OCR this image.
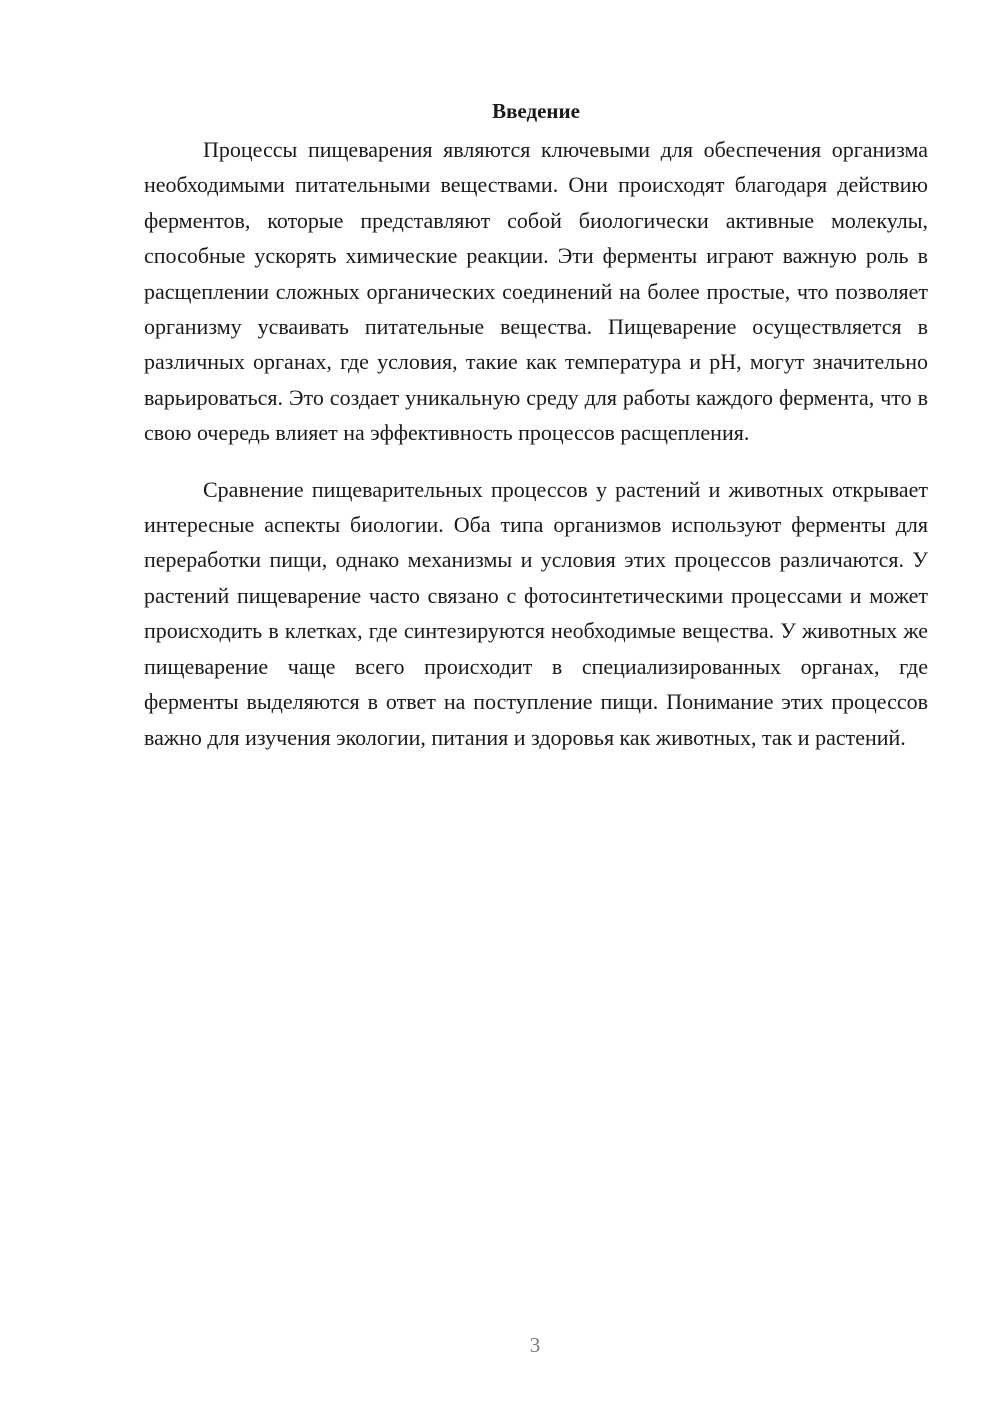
Введение

Процессы пищеварения являются ключевыми для обеспечения организма необходимыми питательными веществами. Они происходят благодаря действию ферментов, которые представляют собой биологически активные молекулы, способные ускорять химические реакции. Эти ферменты играют важную роль в расщеплении сложных органических соединений на более простые, что позволяет организму усваивать питательные вещества. Пищеварение осуществляется в различных органах, где условия, такие как температура и pH, могут значительно варьироваться. Это создает уникальную среду для работы каждого фермента, что в свою очередь влияет на эффективность процессов расщепления.

Сравнение пищеварительных процессов у растений и животных открывает интересные аспекты биологии. Оба типа организмов используют ферменты для переработки пищи, однако механизмы и условия этих процессов различаются. У растений пищеварение часто связано с фотосинтетическими процессами и может происходить в клетках, где синтезируются необходимые вещества. У животных же пищеварение чаще всего происходит в специализированных органах, где ферменты выделяются в ответ на поступление пищи. Понимание этих процессов важно для изучения экологии, питания и здоровья как животных, так и растений.

3
